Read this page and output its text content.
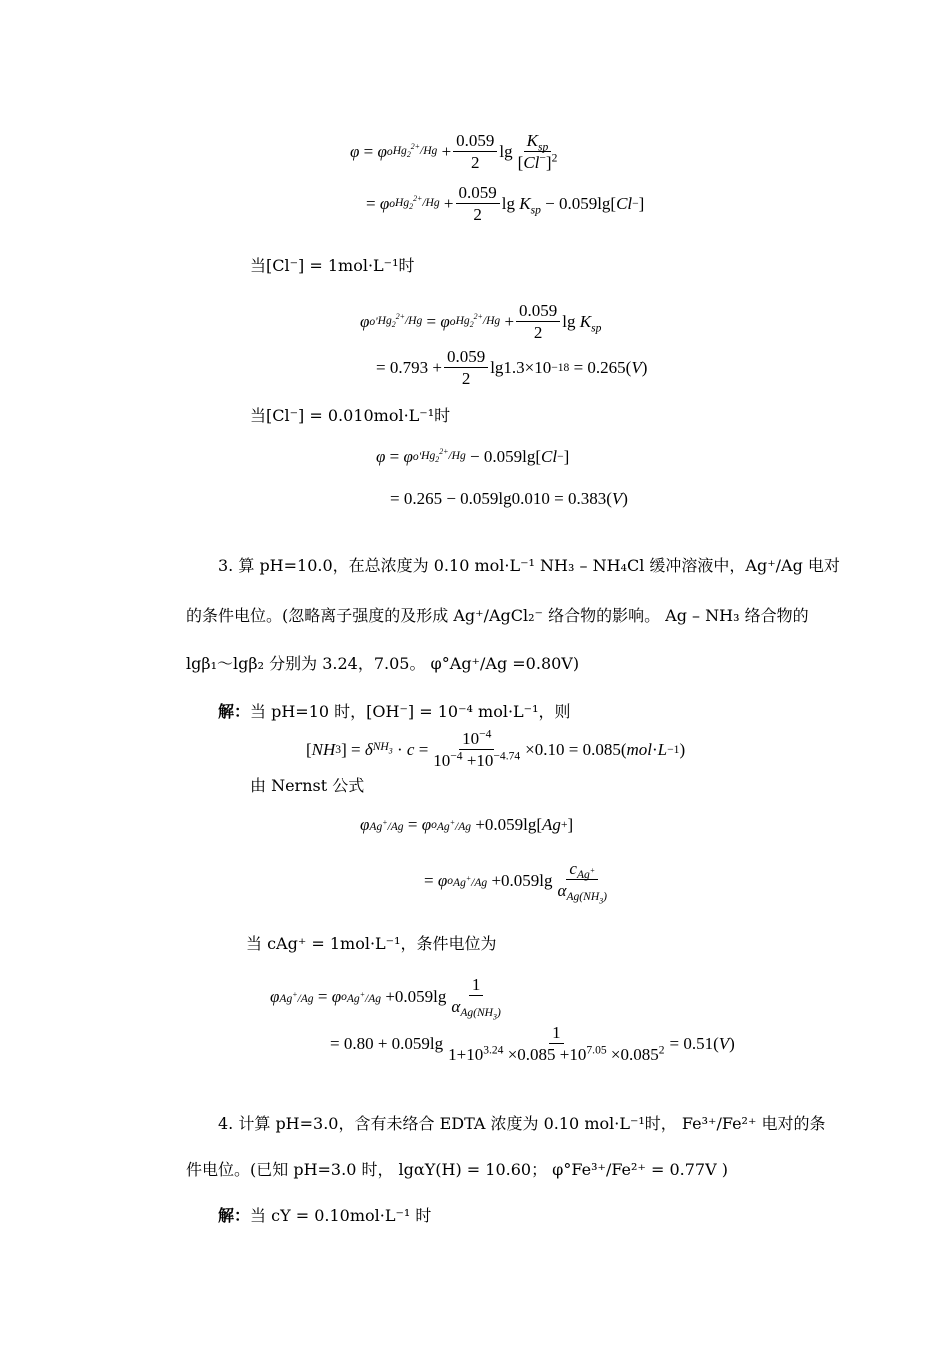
φ = φ o $Hg_2^{2+}/Hg + \frac{0.059}{2}$ $\lg \frac{K_{sp}}{[Cl^-]^2}$
= φ o $Hg_2^{2+}/Hg + \frac{0.059}{2}$ $\lg K_{sp} - 0.059\lg$[ Cl − ]
当[Cl⁻] = 1mol·L⁻¹时
φ o' $Hg_2^{2+}/Hg = \varphi$ o $Hg_2^{2+}/Hg + \frac{0.059}{2}$ $\lg K_{sp}$
= $0.793 + \frac{0.059}{2} \lg 1.3\times 10 -18 = 0.265$( V )
当[Cl⁻] = 0.010mol·L⁻¹时
φ = φ o' $Hg_2^{2+}/Hg - 0.059\lg$[ Cl − ]
= 0.265 − 0.059lg0.010 = 0.383( V )
3. 算 pH=10.0，在总浓度为 0.10 mol·L⁻¹ NH₃ – NH₄Cl 缓冲溶液中，Ag⁺/Ag 电对
的条件电位。(忽略离子强度的及形成 Ag⁺/AgCl₂⁻ 络合物的影响。 Ag – NH₃ 络合物的
lgβ₁～lgβ₂ 分别为 3.24，7.05。 φ°Ag⁺/Ag =0.80V)
解：当 pH=10 时，[OH⁻] = 10⁻⁴ mol·L⁻¹，则
[ NH 3 ] = δ $NH_3 \cdot c = \frac{10^{-4}}{10^{-4} +10^{-4.74}} \times 0.10 = 0.085$( mol · L −1 )
由 Nernst 公式
φ Ag+/Ag = φ o Ag+/Ag +0.059lg[ Ag + ]
= φ o $Ag^+/Ag +0.059\lg \frac{c_{Ag^+}}{\alpha_{Ag(NH_3)}}$
当 cAg⁺ = 1mol·L⁻¹，条件电位为
φ Ag+/Ag = φ o $Ag^+/Ag +0.059\lg \frac{1}{\alpha_{Ag(NH_3)}}$
= $0.80 + 0.059\lg \frac{1}{1+10^{3.24} \times 0.085 +10^{7.05} \times 0.085^2} = 0.51$( V )
4. 计算 pH=3.0，含有未络合 EDTA 浓度为 0.10 mol·L⁻¹时， Fe³⁺/Fe²⁺ 电对的条
件电位。(已知 pH=3.0 时， lgαY(H) = 10.60； φ°Fe³⁺/Fe²⁺ = 0.77V )
解：当 cY = 0.10mol·L⁻¹ 时
